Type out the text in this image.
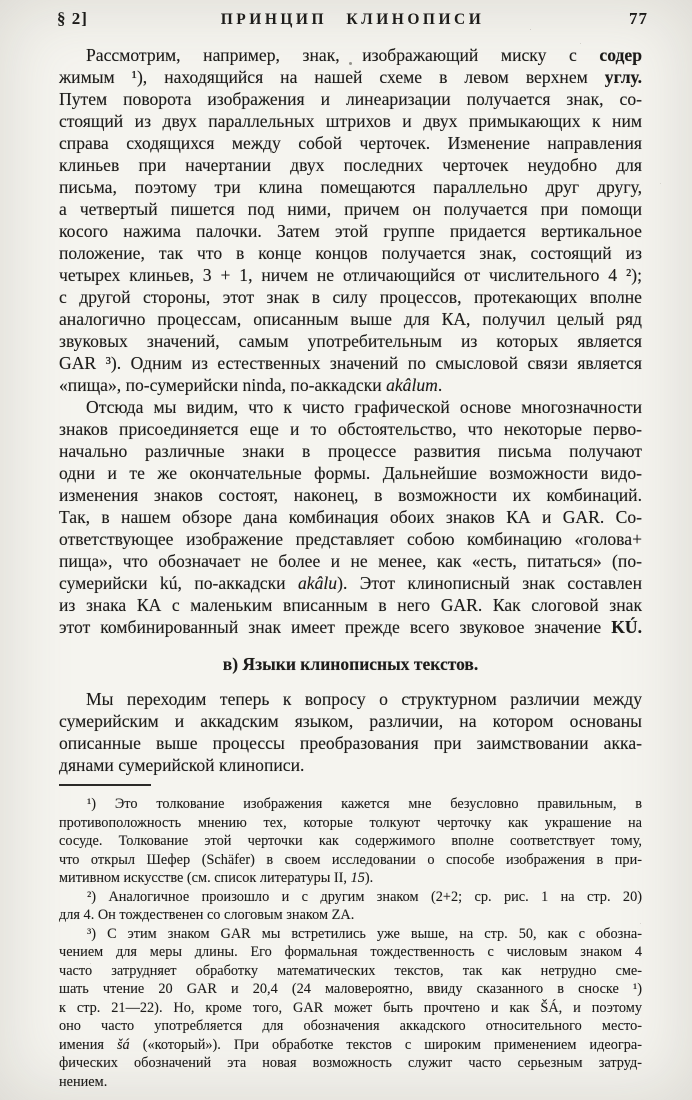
§ 2]	ПРИНЦИП КЛИНОПИСИ	77
Рассмотрим, например, знак, изображающий миску с содер
жимым ¹), находящийся на нашей схеме в левом верхнем углу.
Путем поворота изображения и линеаризации получается знак, со-
стоящий из двух параллельных штрихов и двух примыкающих к ним
справа сходящихся между собой черточек. Изменение направления
клиньев при начертании двух последних черточек неудобно для
письма, поэтому три клина помещаются параллельно друг другу,
а четвертый пишется под ними, причем он получается при помощи
косого нажима палочки. Затем этой группе придается вертикальное
положение, так что в конце концов получается знак, состоящий из
четырех клиньев, 3 + 1, ничем не отличающийся от числительного 4 ²);
с другой стороны, этот знак в силу процессов, протекающих вполне
аналогично процессам, описанным выше для КА, получил целый ряд
звуковых значений, самым употребительным из которых является
GAR ³). Одним из естественных значений по смысловой связи является
«пища», по-сумерийски ninda, по-аккадски akâlum.
Отсюда мы видим, что к чисто графической основе многозначности
знаков присоединяется еще и то обстоятельство, что некоторые перво-
начально различные знаки в процессе развития письма получают
одни и те же окончательные формы. Дальнейшие возможности видо-
изменения знаков состоят, наконец, в возможности их комбинаций.
Так, в нашем обзоре дана комбинация обоих знаков КА и GAR. Со-
ответствующее изображение представляет собою комбинацию «голова+
пища», что обозначает не более и не менее, как «есть, питаться» (по-
сумерийски kú, по-аккадски akâlu). Этот клинописный знак составлен
из знака КА с маленьким вписанным в него GAR. Как слоговой знак
этот комбинированный знак имеет прежде всего звуковое значение KÚ.
в) Языки клинописных текстов.
Мы переходим теперь к вопросу о структурном различии между
сумерийским и аккадским языком, различии, на котором основаны
описанные выше процессы преобразования при заимствовании акка-
дянами сумерийской клинописи.
¹) Это толкование изображения кажется мне безусловно правильным, в
противоположность мнению тех, которые толкуют черточку как украшение на
сосуде. Толкование этой черточки как содержимого вполне соответствует тому,
что открыл Шефер (Schäfer) в своем исследовании о способе изображения в при-
митивном искусстве (см. список литературы II, 15).
²) Аналогичное произошло и с другим знаком (2+2; ср. рис. 1 на стр. 20)
для 4. Он тождественен со слоговым знаком ZA.
³) С этим знаком GAR мы встретились уже выше, на стр. 50, как с обозна-
чением для меры длины. Его формальная тождественность с числовым знаком 4
часто затрудняет обработку математических текстов, так как нетрудно сме-
шать чтение 20 GAR и 20,4 (24 маловероятно, ввиду сказанного в сноске ¹)
к стр. 21—22). Но, кроме того, GAR может быть прочтено и как ŠÁ, и поэтому
оно часто употребляется для обозначения аккадского относительного место-
имения šá («который»). При обработке текстов с широким применением идеогра-
фических обозначений эта новая возможность служит часто серьезным затруд-
нением.
